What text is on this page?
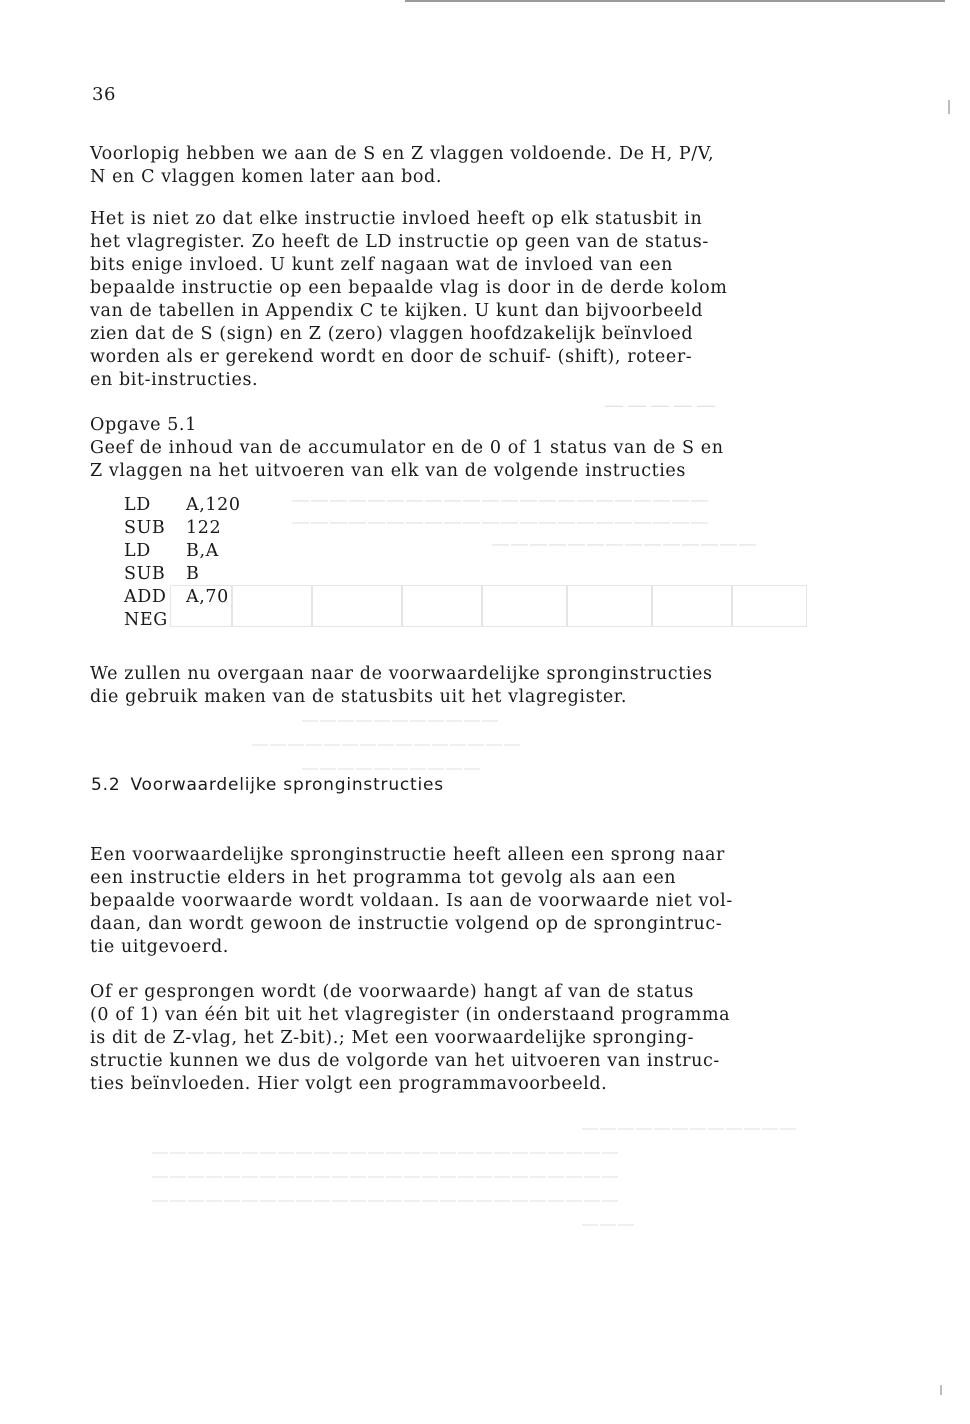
— — — — —
——————————————————————
——————————————————————
——————————————
———————————
———————————————
——————————
————————————
——————————————————————————
——————————————————————————
——————————————————————————
———
36

Voorlopig hebben we aan de S en Z vlaggen voldoende. De H, P/V,
N en C vlaggen komen later aan bod.

Het is niet zo dat elke instructie invloed heeft op elk statusbit in
het vlagregister. Zo heeft de LD instructie op geen van de status-
bits enige invloed. U kunt zelf nagaan wat de invloed van een
bepaalde instructie op een bepaalde vlag is door in de derde kolom
van de tabellen in Appendix C te kijken. U kunt dan bijvoorbeeld
zien dat de S (sign) en Z (zero) vlaggen hoofdzakelijk beïnvloed
worden als er gerekend wordt en door de schuif- (shift), roteer-
en bit-instructies.

Opgave 5.1
Geef de inhoud van de accumulator en de 0 of 1 status van de S en
Z vlaggen na het uitvoeren van elk van de volgende instructies

LD	A,120
SUB	122
LD	B,A
SUB	B
ADD	A,70
NEG

We zullen nu overgaan naar de voorwaardelijke spronginstructies
die gebruik maken van de statusbits uit het vlagregister.

5.2 Voorwaardelijke spronginstructies

Een voorwaardelijke spronginstructie heeft alleen een sprong naar
een instructie elders in het programma tot gevolg als aan een
bepaalde voorwaarde wordt voldaan. Is aan de voorwaarde niet vol-
daan, dan wordt gewoon de instructie volgend op de sprongintruc-
tie uitgevoerd.

Of er gesprongen wordt (de voorwaarde) hangt af van de status
(0 of 1) van één bit uit het vlagregister (in onderstaand programma
is dit de Z-vlag, het Z-bit).; Met een voorwaardelijke spronging-
structie kunnen we dus de volgorde van het uitvoeren van instruc-
ties beïnvloeden. Hier volgt een programmavoorbeeld.
